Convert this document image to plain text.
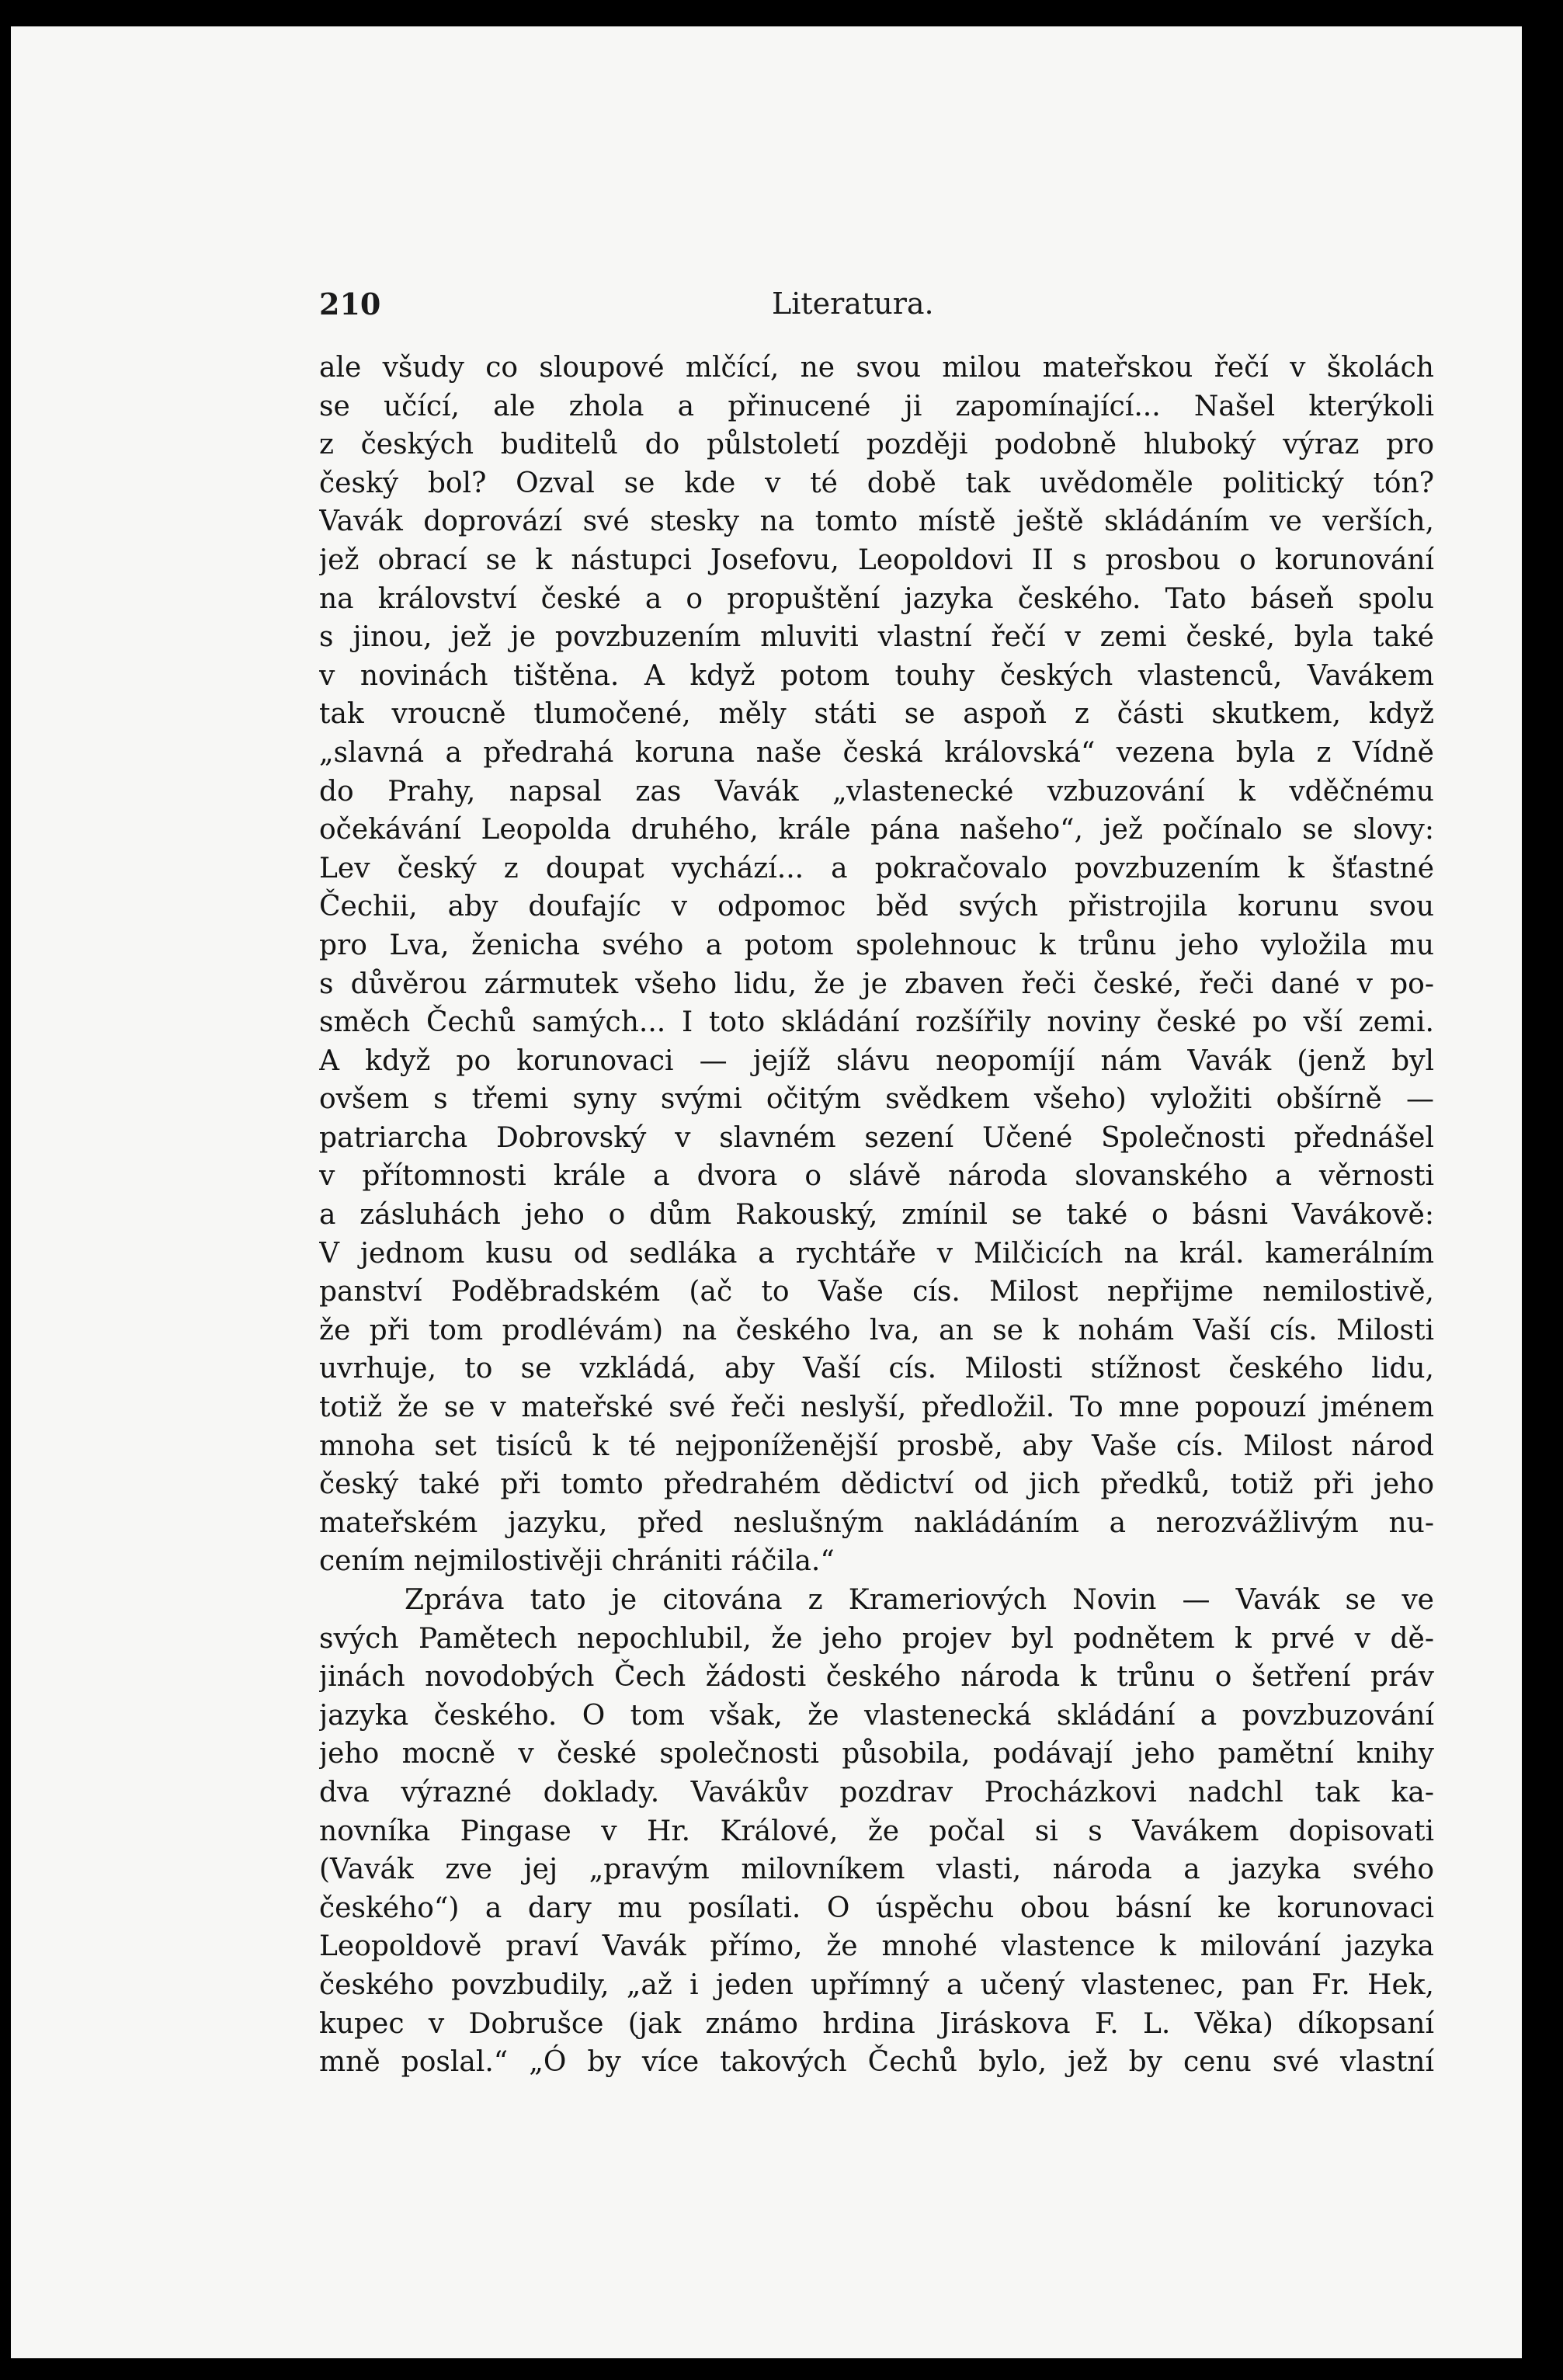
210	Literatura.
ale všudy co sloupové mlčící, ne svou milou mateřskou řečí v školách
se učící, ale zhola a přinucené ji zapomínající... Našel kterýkoli
z českých buditelů do půlstoletí později podobně hluboký výraz pro
český bol? Ozval se kde v té době tak uvědoměle politický tón?
Vavák doprovází své stesky na tomto místě ještě skládáním ve verších,
jež obrací se k nástupci Josefovu, Leopoldovi II s prosbou o korunování
na království české a o propuštění jazyka českého. Tato báseň spolu
s jinou, jež je povzbuzením mluviti vlastní řečí v zemi české, byla také
v novinách tištěna. A když potom touhy českých vlastenců, Vavákem
tak vroucně tlumočené, měly státi se aspoň z části skutkem, když
„slavná a předrahá koruna naše česká královská“ vezena byla z Vídně
do Prahy, napsal zas Vavák „vlastenecké vzbuzování k vděčnému
očekávání Leopolda druhého, krále pána našeho“, jež počínalo se slovy:
Lev český z doupat vychází... a pokračovalo povzbuzením k šťastné
Čechii, aby doufajíc v odpomoc běd svých přistrojila korunu svou
pro Lva, ženicha svého a potom spolehnouc k trůnu jeho vyložila mu
s důvěrou zármutek všeho lidu, že je zbaven řeči české, řeči dané v po-
směch Čechů samých... I toto skládání rozšířily noviny české po vší zemi.
A když po korunovaci — jejíž slávu neopomíjí nám Vavák (jenž byl
ovšem s třemi syny svými očitým svědkem všeho) vyložiti obšírně —
patriarcha Dobrovský v slavném sezení Učené Společnosti přednášel
v přítomnosti krále a dvora o slávě národa slovanského a věrnosti
a zásluhách jeho o dům Rakouský, zmínil se také o básni Vavákově:
V jednom kusu od sedláka a rychtáře v Milčicích na král. kamerálním
panství Poděbradském (ač to Vaše cís. Milost nepřijme nemilostivě,
že při tom prodlévám) na českého lva, an se k nohám Vaší cís. Milosti
uvrhuje, to se vzkládá, aby Vaší cís. Milosti stížnost českého lidu,
totiž že se v mateřské své řeči neslyší, předložil. To mne popouzí jménem
mnoha set tisíců k té nejponíženější prosbě, aby Vaše cís. Milost národ
český také při tomto předrahém dědictví od jich předků, totiž při jeho
mateřském jazyku, před neslušným nakládáním a nerozvážlivým nu-
cením nejmilostivěji chrániti ráčila.“
Zpráva tato je citována z Krameriových Novin — Vavák se ve
svých Pamětech nepochlubil, že jeho projev byl podnětem k prvé v dě-
jinách novodobých Čech žádosti českého národa k trůnu o šetření práv
jazyka českého. O tom však, že vlastenecká skládání a povzbuzování
jeho mocně v české společnosti působila, podávají jeho pamětní knihy
dva výrazné doklady. Vavákův pozdrav Procházkovi nadchl tak ka-
novníka Pingase v Hr. Králové, že počal si s Vavákem dopisovati
(Vavák zve jej „pravým milovníkem vlasti, národa a jazyka svého
českého“) a dary mu posílati. O úspěchu obou básní ke korunovaci
Leopoldově praví Vavák přímo, že mnohé vlastence k milování jazyka
českého povzbudily, „až i jeden upřímný a učený vlastenec, pan Fr. Hek,
kupec v Dobrušce (jak známo hrdina Jiráskova F. L. Věka) díkopsaní
mně poslal.“ „Ó by více takových Čechů bylo, jež by cenu své vlastní
